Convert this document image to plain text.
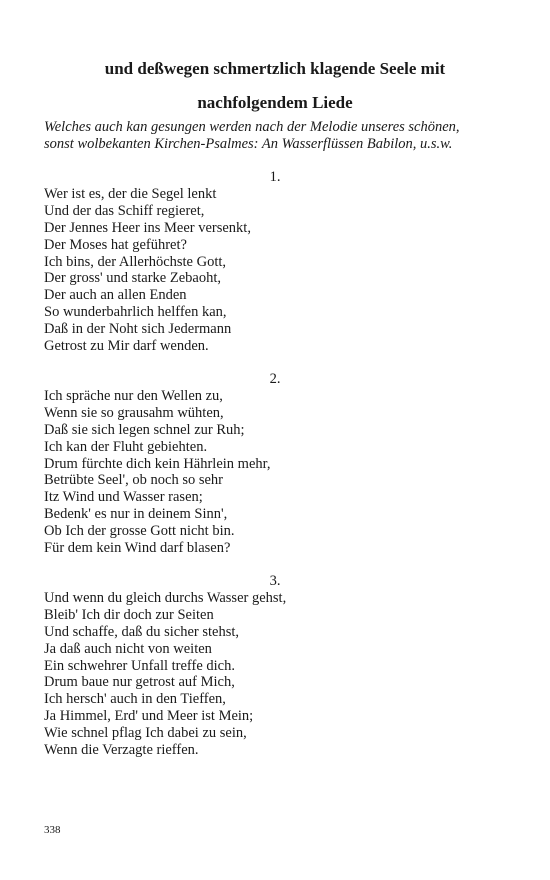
und deßwegen schmertzlich klagende Seele mit
nachfolgendem Liede
Welches auch kan gesungen werden nach der Melodie unseres schönen,
sonst wolbekanten Kirchen-Psalmes: An Wasserflüssen Babilon, u.s.w.
1.
Wer ist es, der die Segel lenkt
Und der das Schiff regieret,
Der Jennes Heer ins Meer versenkt,
Der Moses hat geführet?
Ich bins, der Allerhöchste Gott,
Der gross' und starke Zebaoht,
Der auch an allen Enden
So wunderbahrlich helffen kan,
Daß in der Noht sich Jedermann
Getrost zu Mir darf wenden.
2.
Ich spräche nur den Wellen zu,
Wenn sie so grausahm wühten,
Daß sie sich legen schnel zur Ruh;
Ich kan der Fluht gebiehten.
Drum fürchte dich kein Hährlein mehr,
Betrübte Seel', ob noch so sehr
Itz Wind und Wasser rasen;
Bedenk' es nur in deinem Sinn',
Ob Ich der grosse Gott nicht bin.
Für dem kein Wind darf blasen?
3.
Und wenn du gleich durchs Wasser gehst,
Bleib' Ich dir doch zur Seiten
Und schaffe, daß du sicher stehst,
Ja daß auch nicht von weiten
Ein schwehrer Unfall treffe dich.
Drum baue nur getrost auf Mich,
Ich hersch' auch in den Tieffen,
Ja Himmel, Erd' und Meer ist Mein;
Wie schnel pflag Ich dabei zu sein,
Wenn die Verzagte rieffen.
338
